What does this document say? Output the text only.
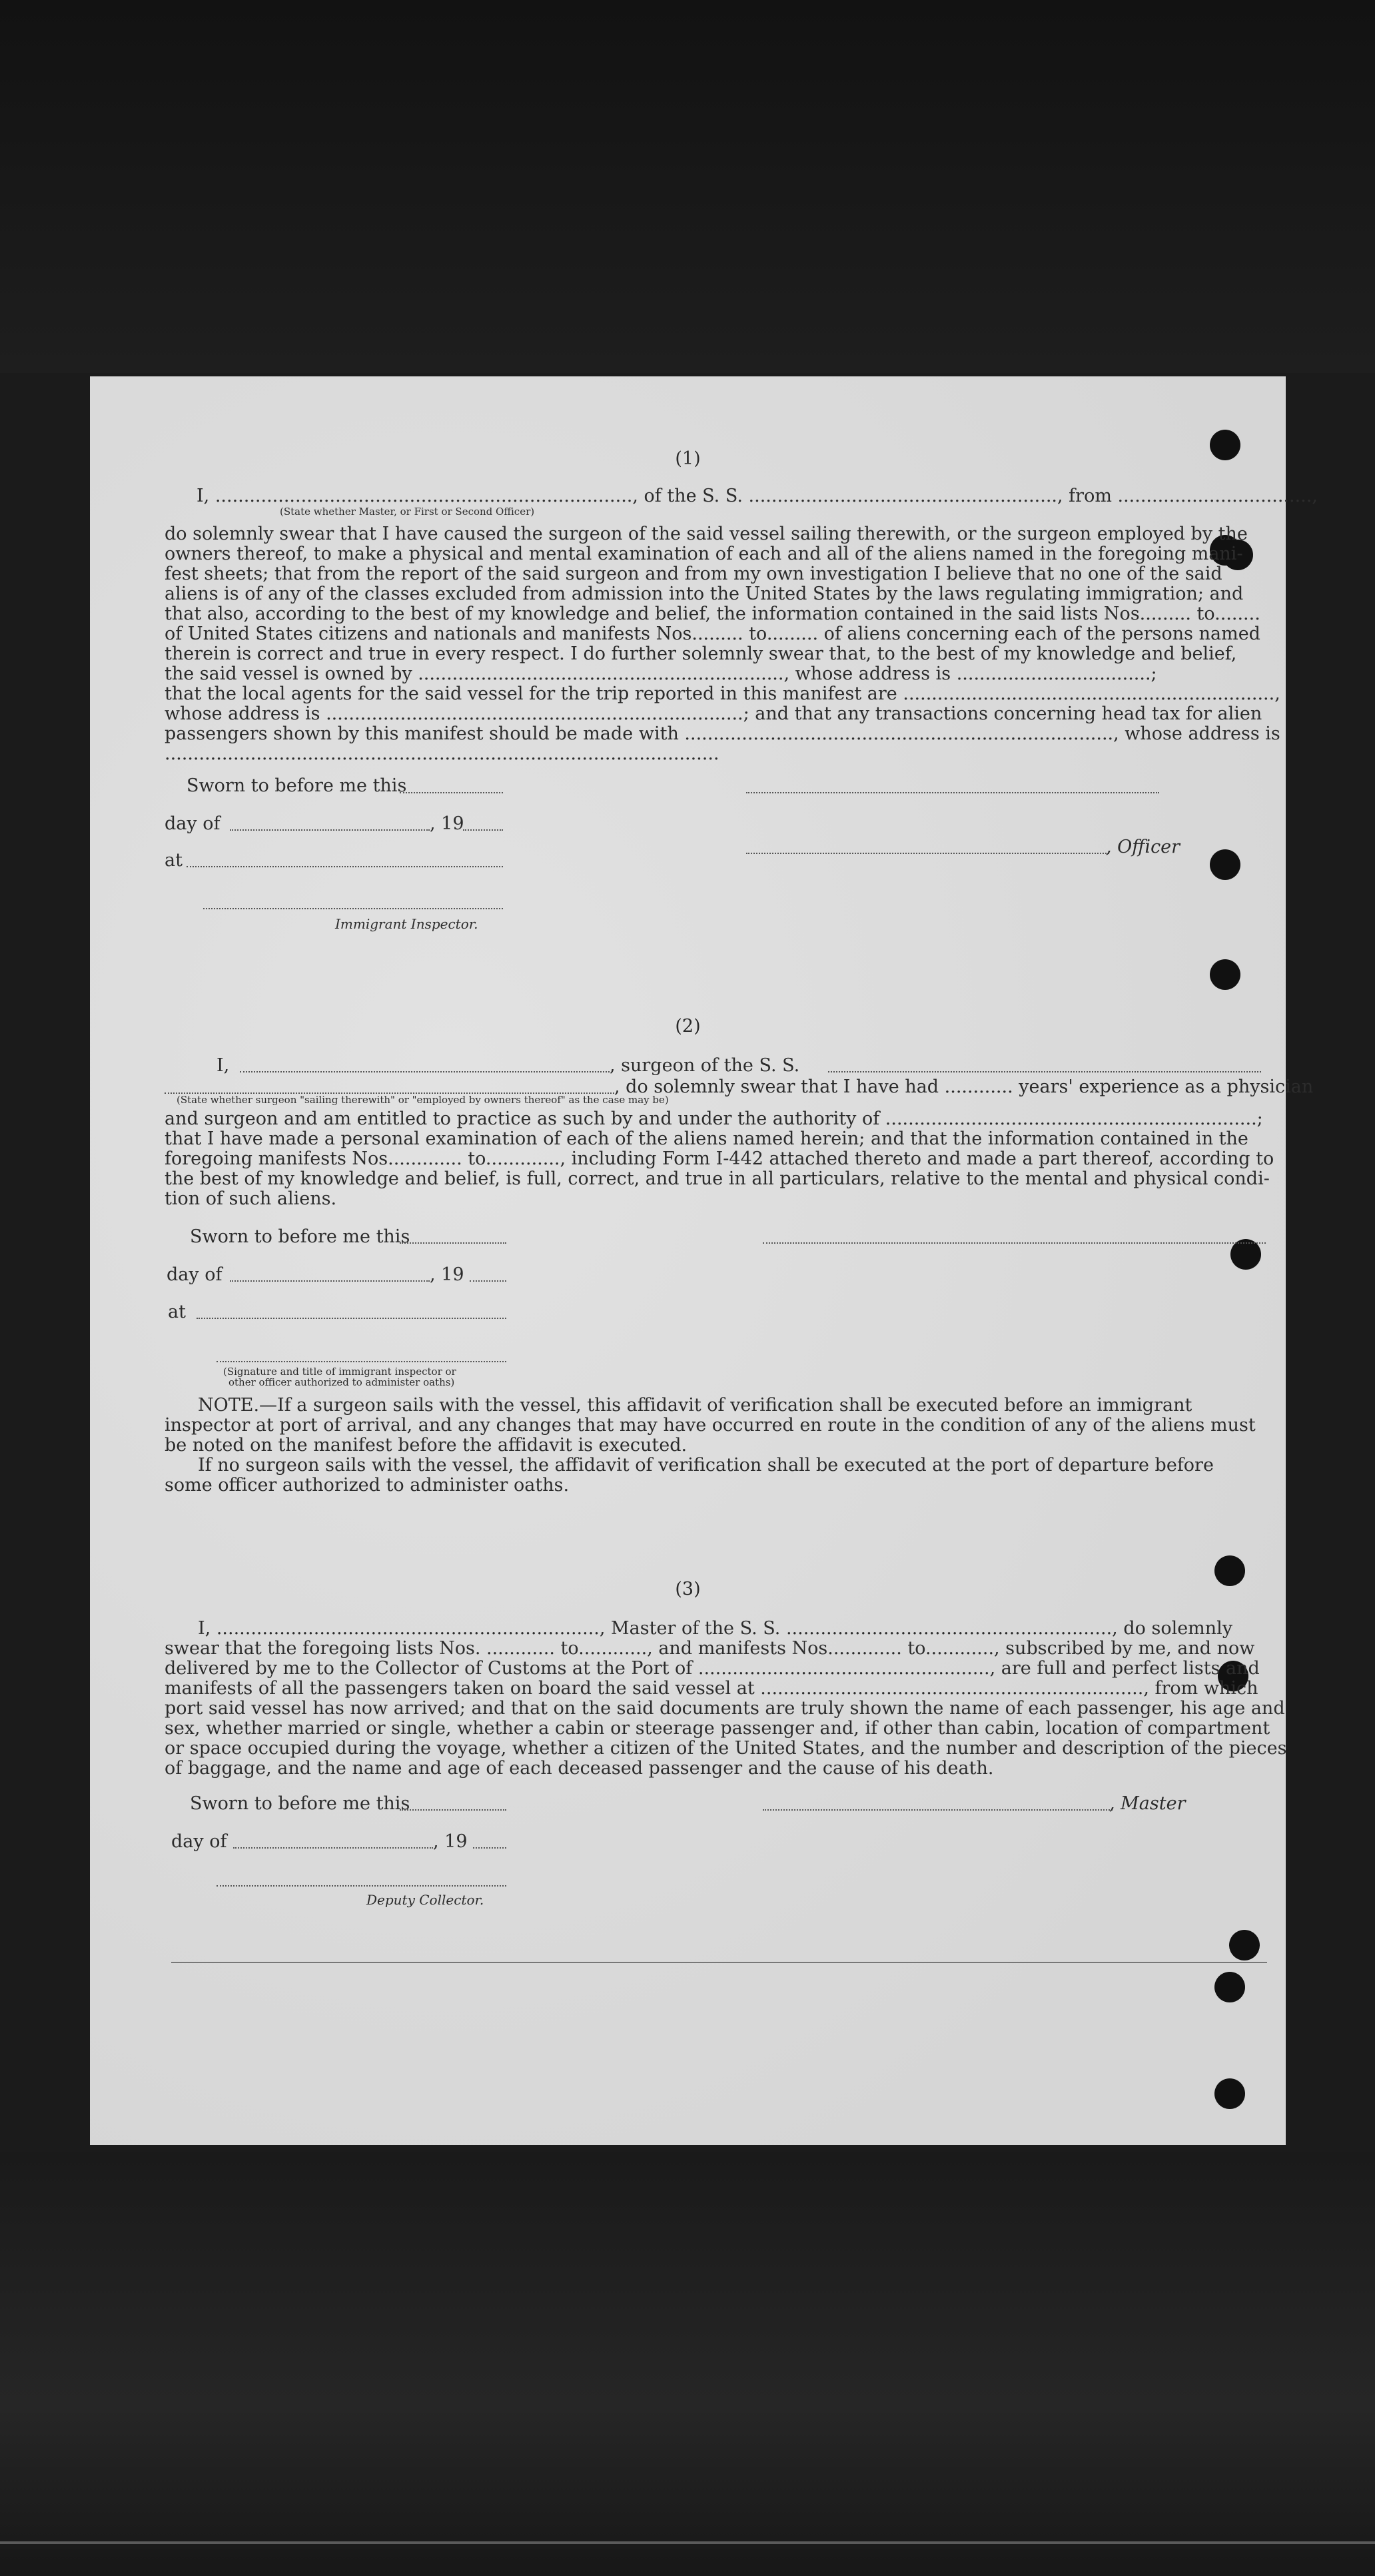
(1)
I, ........................................................................., of the S. S. ......................................................, from ..................................,
(State whether Master, or First or Second Officer)
do solemnly swear that I have caused the surgeon of the said vessel sailing therewith, or the surgeon employed by the
owners thereof, to make a physical and mental examination of each and all of the aliens named in the foregoing mani-
fest sheets; that from the report of the said surgeon and from my own investigation I believe that no one of the said
aliens is of any of the classes excluded from admission into the United States by the laws regulating immigration; and
that also, according to the best of my knowledge and belief, the information contained in the said lists Nos......... to........
of United States citizens and nationals and manifests Nos......... to......... of aliens concerning each of the persons named
therein is correct and true in every respect. I do further solemnly swear that, to the best of my knowledge and belief,
the said vessel is owned by ................................................................, whose address is ..................................;
that the local agents for the said vessel for the trip reported in this manifest are .................................................................,
whose address is .........................................................................; and that any transactions concerning head tax for alien
passengers shown by this manifest should be made with ..........................................................................., whose address is
.................................................................................................
Sworn to before me this
day of	, 19
, Officer
at
Immigrant Inspector.
(2)
I,	, surgeon of the S. S.
, do solemnly swear that I have had ............ years' experience as a physician
(State whether surgeon "sailing therewith" or "employed by owners thereof" as the case may be)
and surgeon and am entitled to practice as such by and under the authority of .................................................................;
that I have made a personal examination of each of the aliens named herein; and that the information contained in the
foregoing manifests Nos............. to............., including Form I-442 attached thereto and made a part thereof, according to
the best of my knowledge and belief, is full, correct, and true in all particulars, relative to the mental and physical condi-
tion of such aliens.
Sworn to before me this
day of	, 19
at
(Signature and title of immigrant inspector or
other officer authorized to administer oaths)
NOTE.—If a surgeon sails with the vessel, this affidavit of verification shall be executed before an immigrant
inspector at port of arrival, and any changes that may have occurred en route in the condition of any of the aliens must
be noted on the manifest before the affidavit is executed.
If no surgeon sails with the vessel, the affidavit of verification shall be executed at the port of departure before
some officer authorized to administer oaths.
(3)
I, ..................................................................., Master of the S. S. ........................................................., do solemnly
swear that the foregoing lists Nos. ............ to............, and manifests Nos............. to............, subscribed by me, and now
delivered by me to the Collector of Customs at the Port of ..................................................., are full and perfect lists and
manifests of all the passengers taken on board the said vessel at ..................................................................., from which
port said vessel has now arrived; and that on the said documents are truly shown the name of each passenger, his age and
sex, whether married or single, whether a cabin or steerage passenger and, if other than cabin, location of compartment
or space occupied during the voyage, whether a citizen of the United States, and the number and description of the pieces
of baggage, and the name and age of each deceased passenger and the cause of his death.
Sworn to before me this	, Master
day of	, 19
Deputy Collector.
